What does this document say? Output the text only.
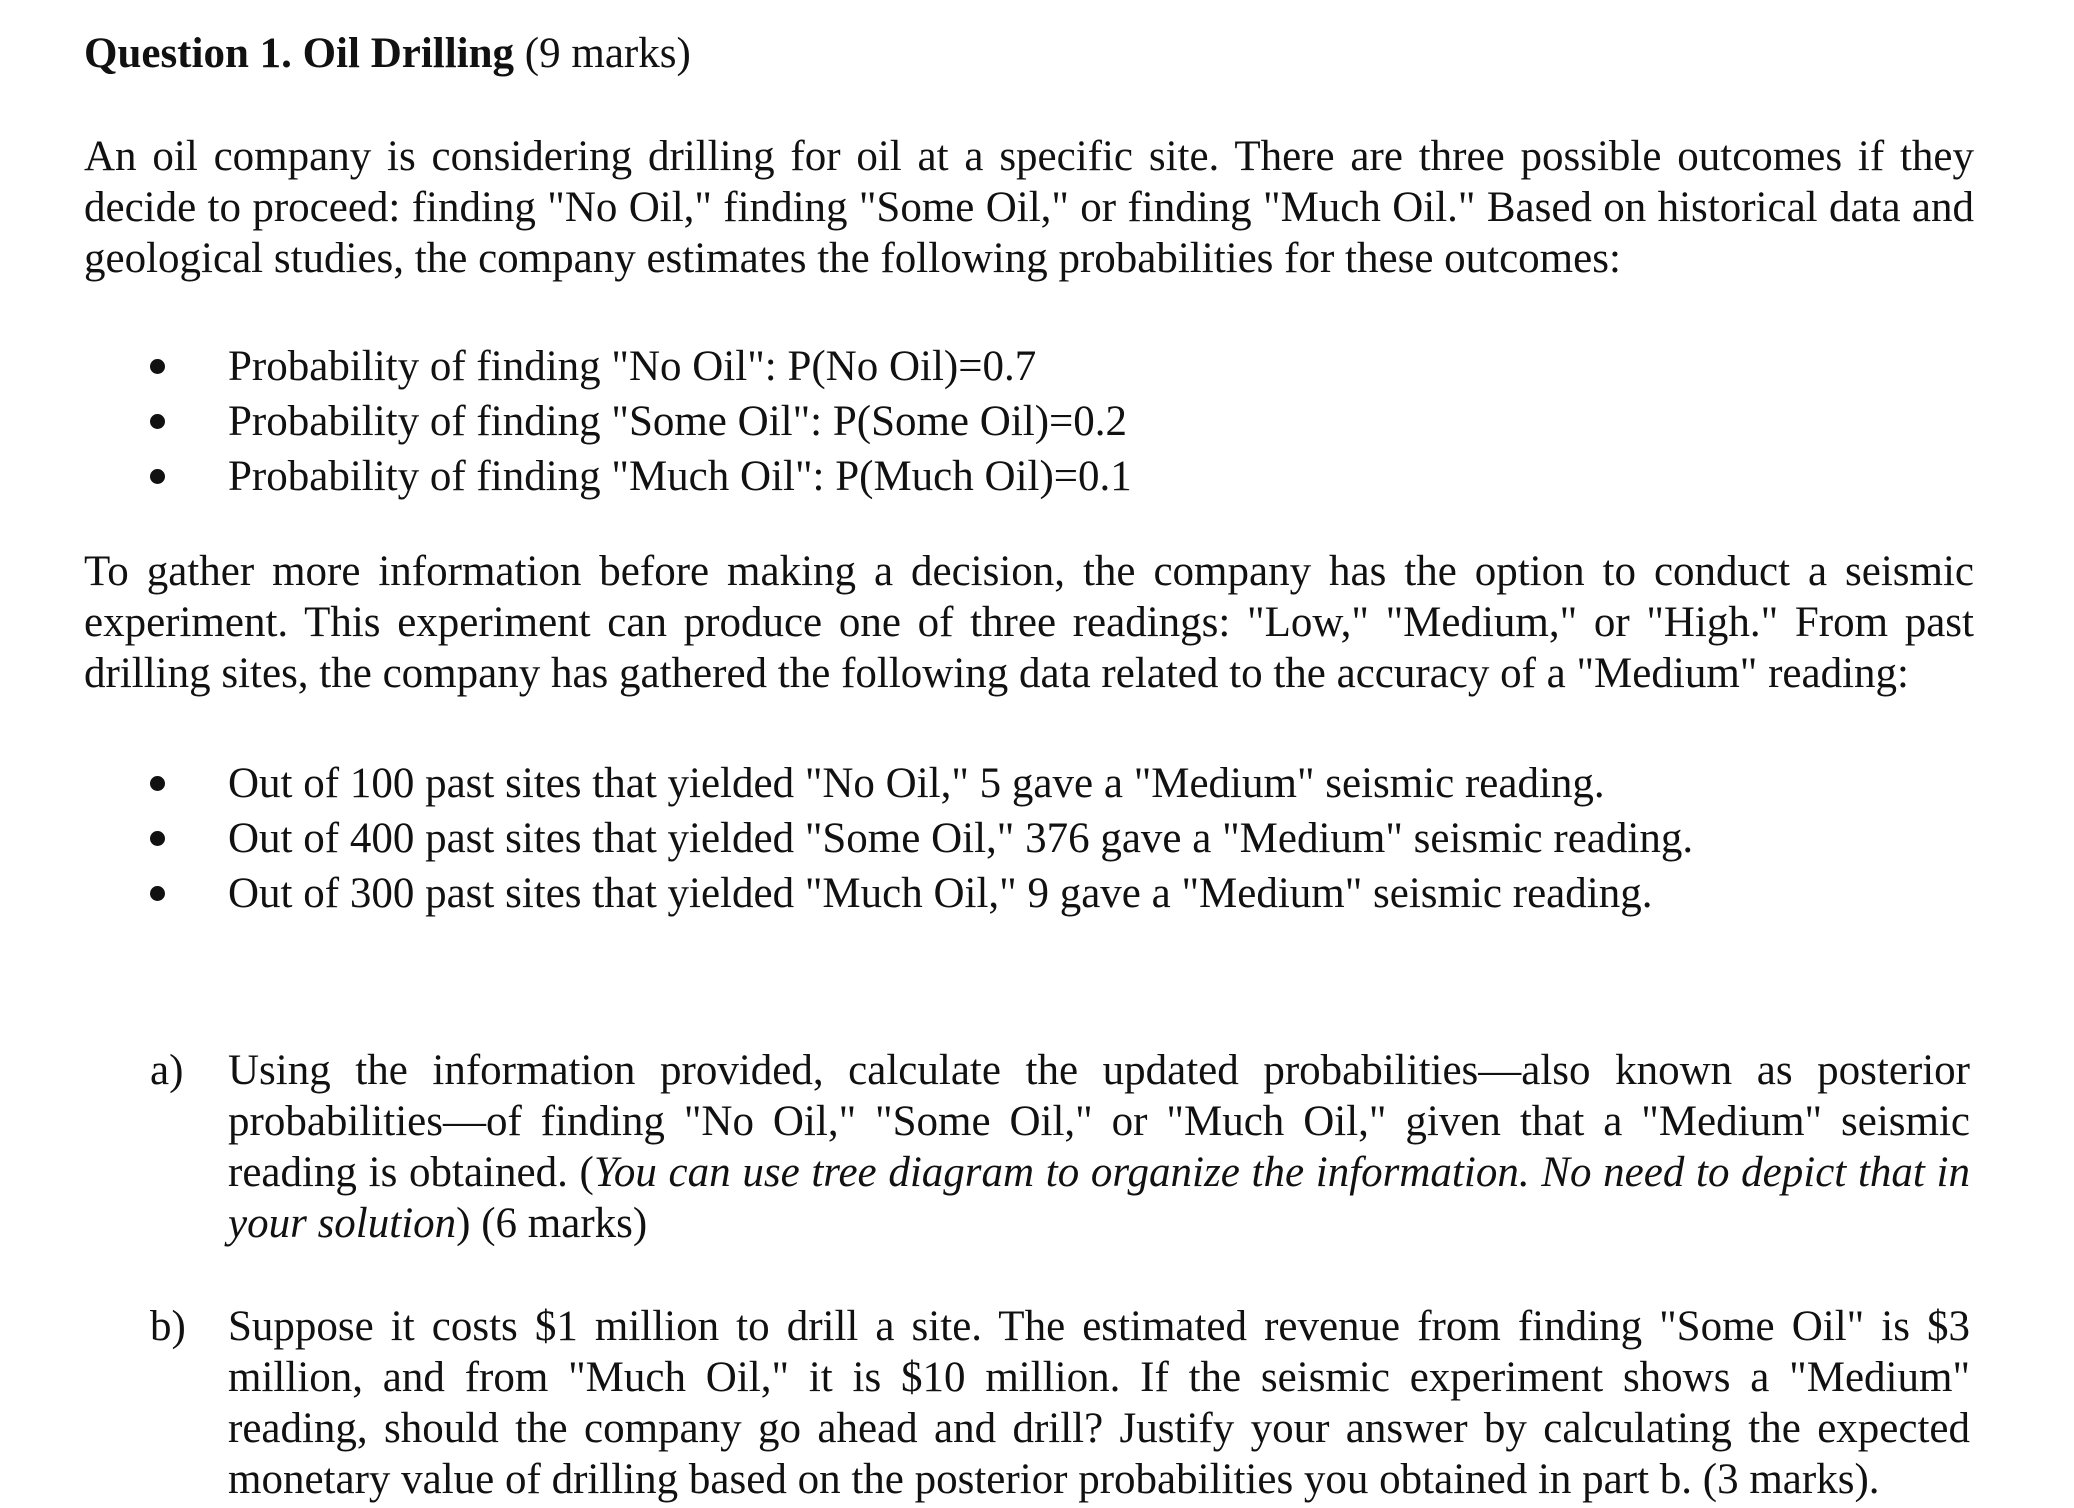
Question 1. Oil Drilling (9 marks)

An oil company is considering drilling for oil at a specific site. There are three possible outcomes if they decide to proceed: finding "No Oil," finding "Some Oil," or finding "Much Oil." Based on historical data and geological studies, the company estimates the following probabilities for these outcomes:

Probability of finding "No Oil": P(No Oil)=0.7
Probability of finding "Some Oil": P(Some Oil)=0.2
Probability of finding "Much Oil": P(Much Oil)=0.1

To gather more information before making a decision, the company has the option to conduct a seismic experiment. This experiment can produce one of three readings: "Low," "Medium," or "High." From past drilling sites, the company has gathered the following data related to the accuracy of a "Medium" reading:

Out of 100 past sites that yielded "No Oil," 5 gave a "Medium" seismic reading.
Out of 400 past sites that yielded "Some Oil," 376 gave a "Medium" seismic reading.
Out of 300 past sites that yielded "Much Oil," 9 gave a "Medium" seismic reading.
a) Using the information provided, calculate the updated probabilities—also known as posterior probabilities—of finding "No Oil," "Some Oil," or "Much Oil," given that a "Medium" seismic reading is obtained. (You can use tree diagram to organize the information. No need to depict that in your solution) (6 marks)
b) Suppose it costs $1 million to drill a site. The estimated revenue from finding "Some Oil" is $3 million, and from "Much Oil," it is $10 million. If the seismic experiment shows a "Medium" reading, should the company go ahead and drill? Justify your answer by calculating the expected monetary value of drilling based on the posterior probabilities you obtained in part b. (3 marks).
